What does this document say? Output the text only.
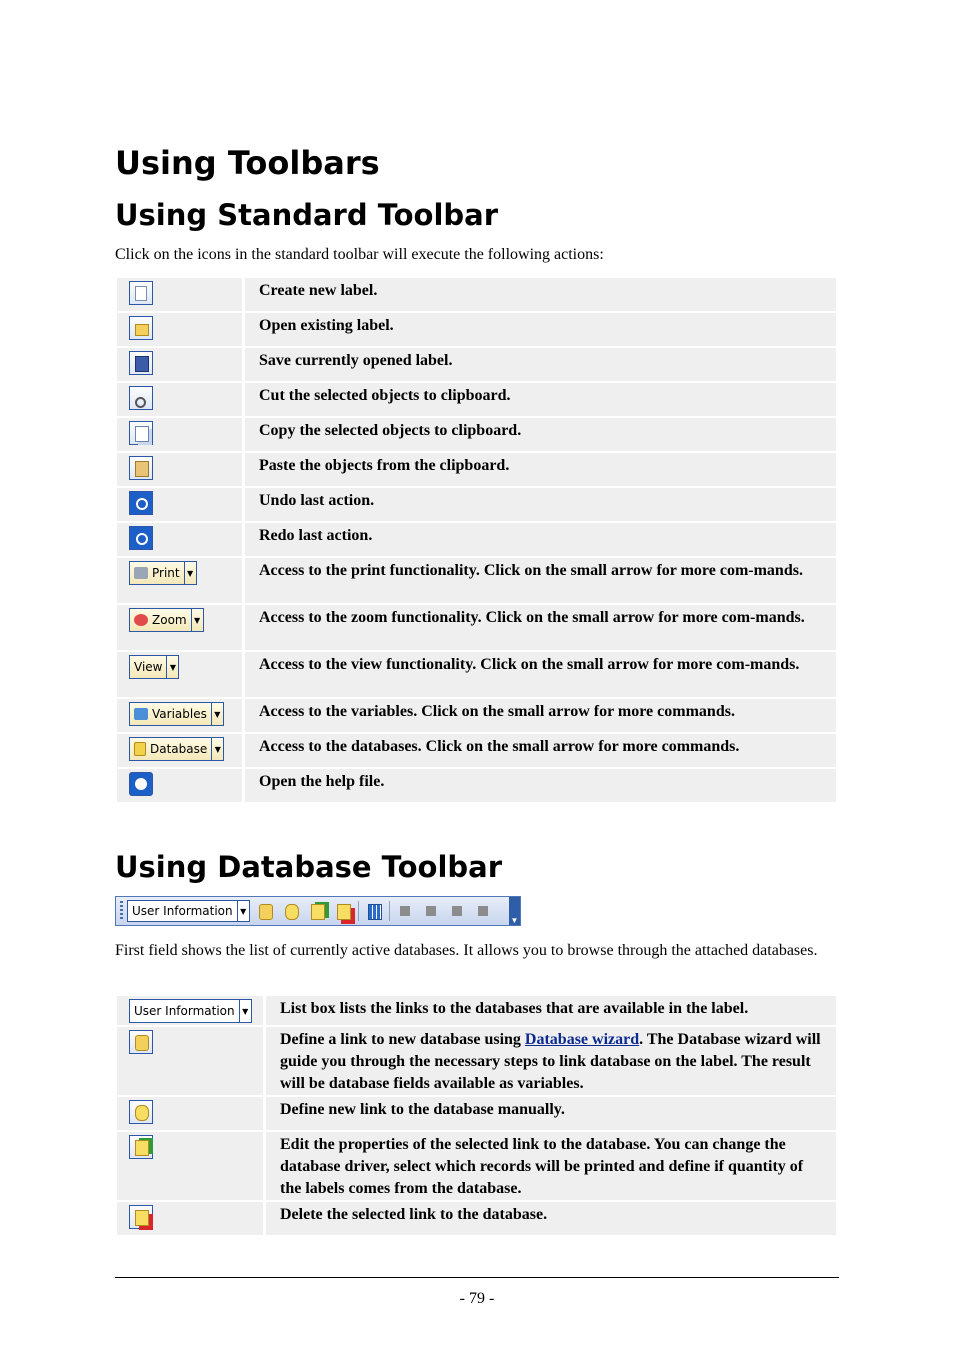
Using Toolbars
Using Standard Toolbar

Click on the icons in the standard toolbar will execute the following actions:

	Create new label.
	Open existing label.
	Save currently opened label.
	Cut the selected objects to clipboard.
	Copy the selected objects to clipboard.
	Paste the objects from the clipboard.
	Undo last action.
	Redo last action.

Print ▼	Access to the print functionality. Click on the small arrow for more com-mands.

Zoom ▼	Access to the zoom functionality. Click on the small arrow for more com-mands.

View ▼	Access to the view functionality. Click on the small arrow for more com-mands.

Variables ▼	Access to the variables. Click on the small arrow for more commands.

Database ▼	Access to the databases. Click on the small arrow for more commands.
	Open the help file.
Using Database Toolbar
User Information ▼
▼

First field shows the list of currently active databases. It allows you to browse through the attached databases.

User Information ▼	List box lists the links to the databases that are available in the label.
	Define a link to new database using Database wizard. The Database wizard will guide you through the necessary steps to link database on the label. The result will be database fields available as variables.
	Define new link to the database manually.
	Edit the properties of the selected link to the database. You can change the database driver, select which records will be printed and define if quantity of the labels comes from the database.
	Delete the selected link to the database.
- 79 -
